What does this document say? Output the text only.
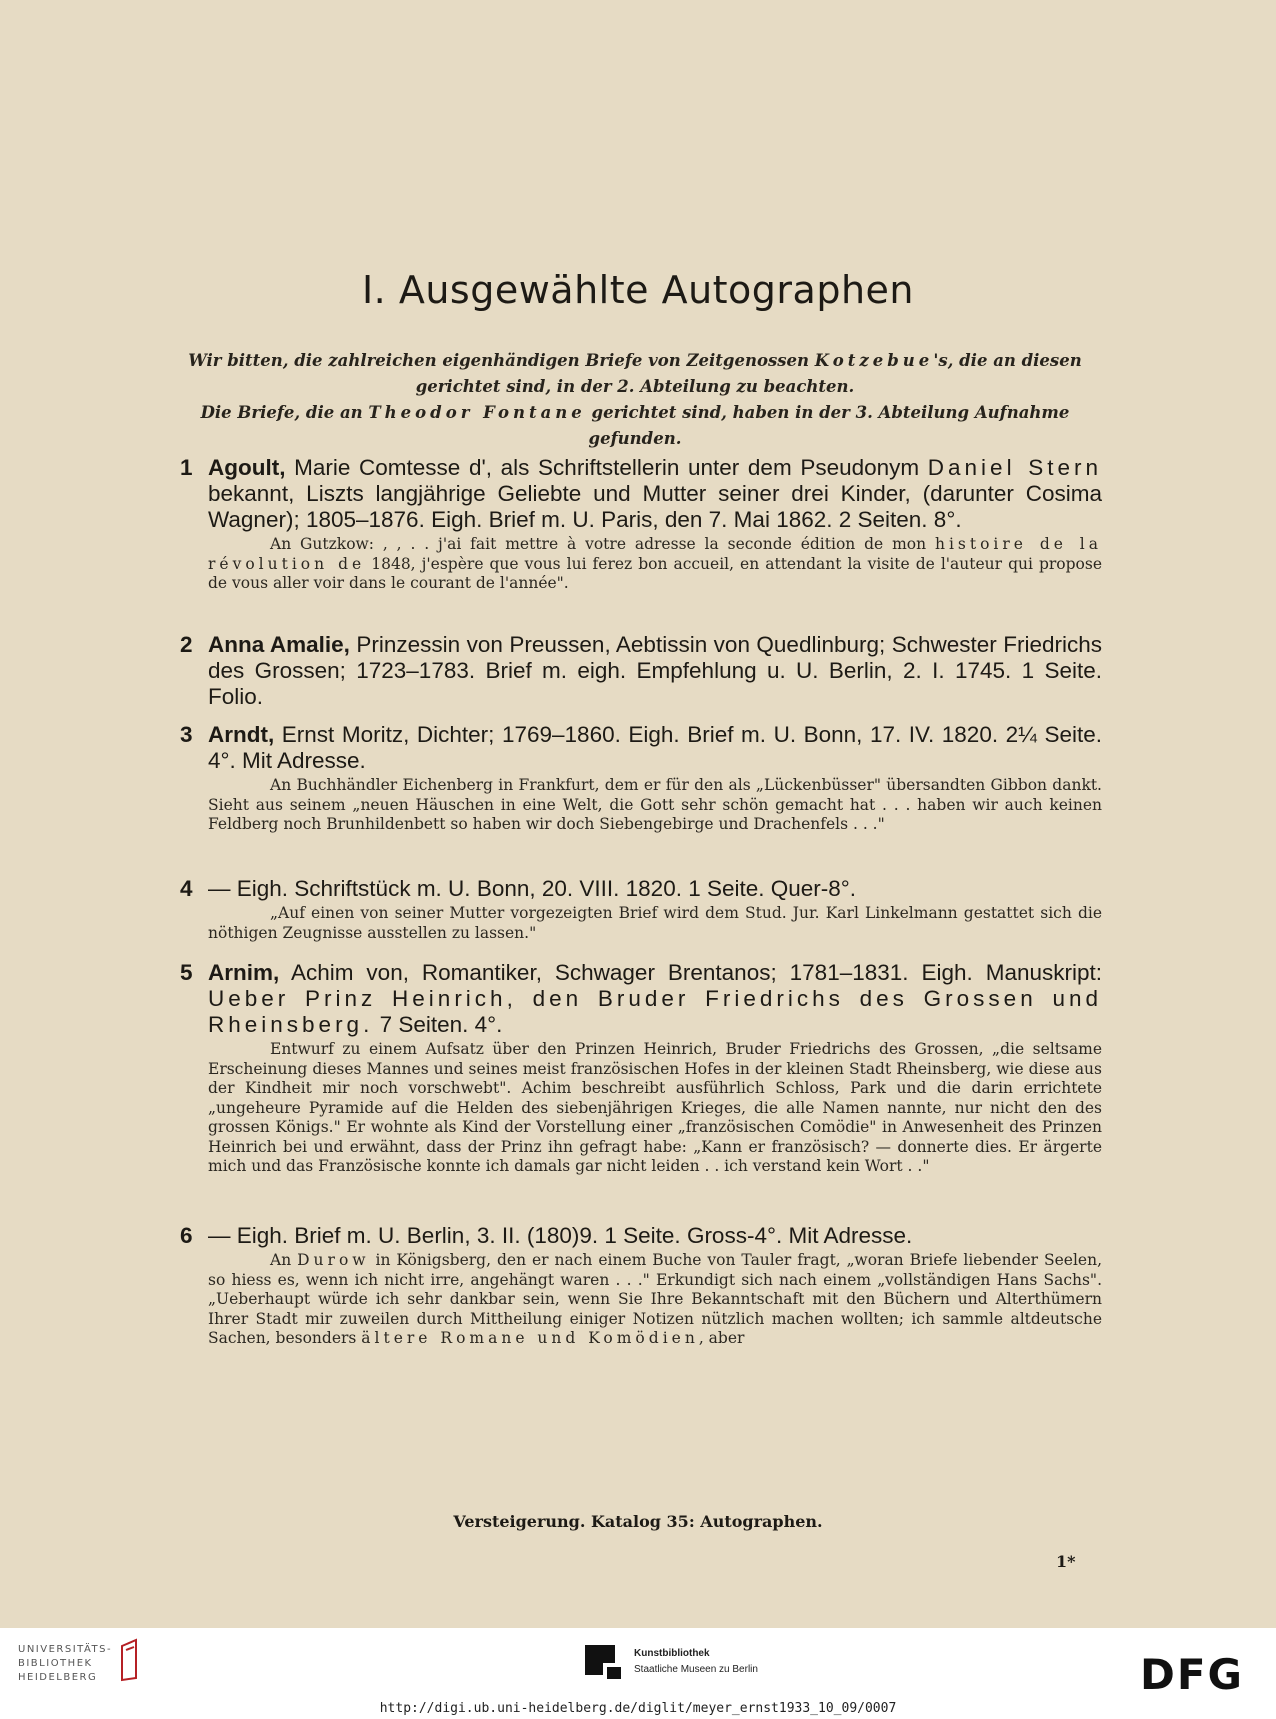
I. Ausgewählte Autographen

Wir bitten, die zahlreichen eigenhändigen Briefe von Zeitgenossen Kotzebue's, die an diesen gerichtet sind, in der 2. Abteilung zu beachten.

Die Briefe, die an Theodor Fontane gerichtet sind, haben in der 3. Abteilung Aufnahme gefunden.

1 Agoult, Marie Comtesse d', als Schriftstellerin unter dem Pseudonym Daniel Stern bekannt, Liszts langjährige Geliebte und Mutter seiner drei Kinder, (darunter Cosima Wagner); 1805–1876. Eigh. Brief m. U. Paris, den 7. Mai 1862. 2 Seiten. 8°.
An Gutzkow: , , . . j'ai fait mettre à votre adresse la seconde édition de mon histoire de la révolution de 1848, j'espère que vous lui ferez bon accueil, en attendant la visite de l'auteur qui propose de vous aller voir dans le courant de l'année".
2 Anna Amalie, Prinzessin von Preussen, Aebtissin von Quedlinburg; Schwester Friedrichs des Grossen; 1723–1783. Brief m. eigh. Empfehlung u. U. Berlin, 2. I. 1745. 1 Seite. Folio.
3 Arndt, Ernst Moritz, Dichter; 1769–1860. Eigh. Brief m. U. Bonn, 17. IV. 1820. 2¼ Seite. 4°. Mit Adresse.
An Buchhändler Eichenberg in Frankfurt, dem er für den als „Lückenbüsser" übersandten Gibbon dankt. Sieht aus seinem „neuen Häuschen in eine Welt, die Gott sehr schön gemacht hat . . . haben wir auch keinen Feldberg noch Brunhildenbett so haben wir doch Siebengebirge und Drachenfels . . ."
4 — Eigh. Schriftstück m. U. Bonn, 20. VIII. 1820. 1 Seite. Quer-8°.
„Auf einen von seiner Mutter vorgezeigten Brief wird dem Stud. Jur. Karl Linkelmann gestattet sich die nöthigen Zeugnisse ausstellen zu lassen."
5 Arnim, Achim von, Romantiker, Schwager Brentanos; 1781–1831. Eigh. Manuskript: Ueber Prinz Heinrich, den Bruder Friedrichs des Grossen und Rheinsberg. 7 Seiten. 4°.
Entwurf zu einem Aufsatz über den Prinzen Heinrich, Bruder Friedrichs des Grossen, „die seltsame Erscheinung dieses Mannes und seines meist französischen Hofes in der kleinen Stadt Rheinsberg, wie diese aus der Kindheit mir noch vorschwebt". Achim beschreibt ausführlich Schloss, Park und die darin errichtete „ungeheure Pyramide auf die Helden des siebenjährigen Krieges, die alle Namen nannte, nur nicht den des grossen Königs." Er wohnte als Kind der Vorstellung einer „französischen Comödie" in Anwesenheit des Prinzen Heinrich bei und erwähnt, dass der Prinz ihn gefragt habe: „Kann er französisch? — donnerte dies. Er ärgerte mich und das Französische konnte ich damals gar nicht leiden . . ich verstand kein Wort . ."
6 — Eigh. Brief m. U. Berlin, 3. II. (180)9. 1 Seite. Gross-4°. Mit Adresse.
An Durow in Königsberg, den er nach einem Buche von Tauler fragt, „woran Briefe liebender Seelen, so hiess es, wenn ich nicht irre, angehängt waren . . ." Erkundigt sich nach einem „vollständigen Hans Sachs". „Ueberhaupt würde ich sehr dankbar sein, wenn Sie Ihre Bekanntschaft mit den Büchern und Alterthümern Ihrer Stadt mir zuweilen durch Mittheilung einiger Notizen nützlich machen wollten; ich sammle altdeutsche Sachen, besonders ältere Romane und Komödien, aber
Versteigerung. Katalog 35: Autographen.
1*
UNIVERSITÄTS-
BIBLIOTHEK
HEIDELBERG
Kunstbibliothek
Staatliche Museen zu Berlin	DFG
http://digi.ub.uni-heidelberg.de/diglit/meyer_ernst1933_10_09/0007
